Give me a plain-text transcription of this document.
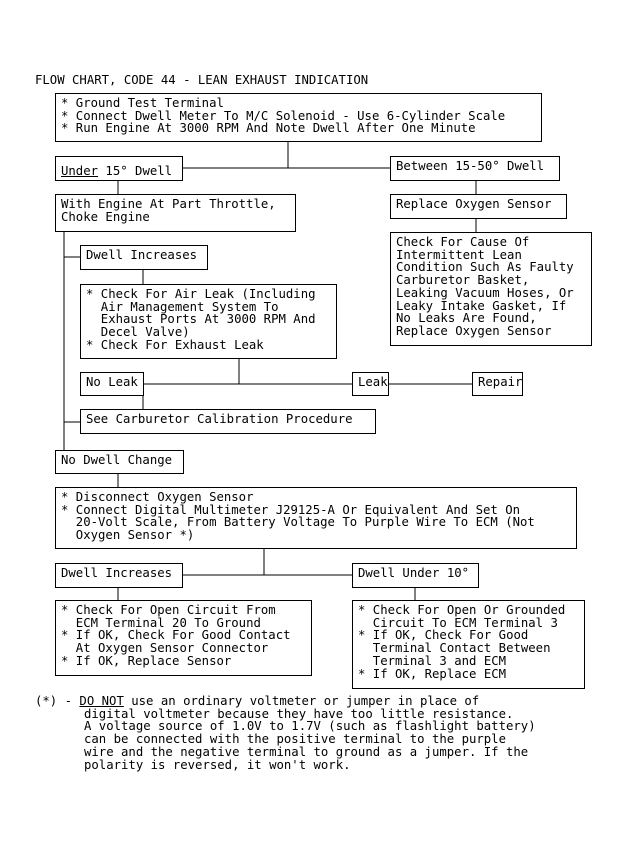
FLOW CHART, CODE 44 - LEAN EXHAUST INDICATION
* Ground Test Terminal
* Connect Dwell Meter To M/C Solenoid - Use 6-Cylinder Scale
* Run Engine At 3000 RPM And Note Dwell After One Minute
Under 15° Dwell	Between 15-50° Dwell
With Engine At Part Throttle,
Choke Engine
Replace Oxygen Sensor
Check For Cause Of
Intermittent Lean
Condition Such As Faulty
Carburetor Basket,
Leaking Vacuum Hoses, Or
Leaky Intake Gasket, If
No Leaks Are Found,
Replace Oxygen Sensor
Dwell Increases
* Check For Air Leak (Including
Air Management System To
Exhaust Ports At 3000 RPM And
Decel Valve)
* Check For Exhaust Leak
No Leak	Leak	Repair
See Carburetor Calibration Procedure
No Dwell Change
* Disconnect Oxygen Sensor
* Connect Digital Multimeter J29125-A Or Equivalent And Set On
20-Volt Scale, From Battery Voltage To Purple Wire To ECM (Not
Oxygen Sensor *)
Dwell Increases	Dwell Under 10°
* Check For Open Circuit From
ECM Terminal 20 To Ground
* If OK, Check For Good Contact
At Oxygen Sensor Connector
* If OK, Replace Sensor
* Check For Open Or Grounded
Circuit To ECM Terminal 3
* If OK, Check For Good
Terminal Contact Between
Terminal 3 and ECM
* If OK, Replace ECM
(*) - DO NOT use an ordinary voltmeter or jumper in place of
digital voltmeter because they have too little resistance.
A voltage source of 1.0V to 1.7V (such as flashlight battery)
can be connected with the positive terminal to the purple
wire and the negative terminal to ground as a jumper. If the
polarity is reversed, it won't work.
